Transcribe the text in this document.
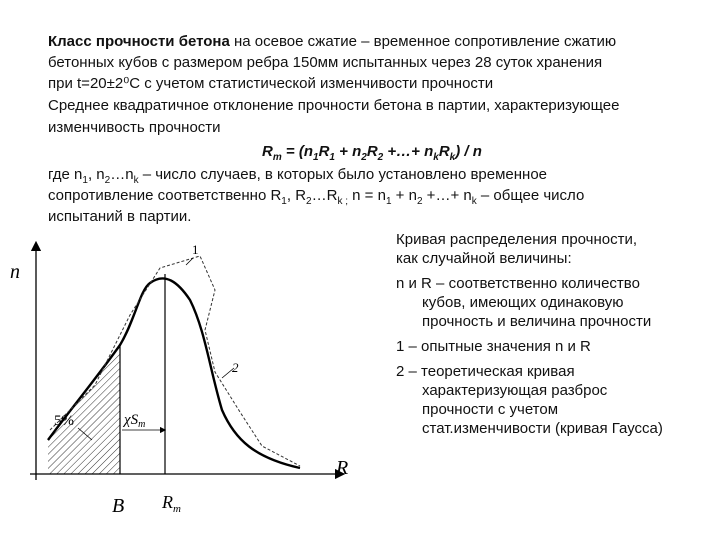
Класс прочности бетона на осевое сжатие – временное сопротивление сжатию
бетонных кубов с размером ребра 150мм испытанных через 28 суток хранения
при t=20±2⁰C с учетом статистической изменчивости прочности
Среднее квадратичное отклонение прочности бетона в партии, характеризующее
изменчивость прочности
$R_m = (n_1R_1 + n_2R_2$ +…+ $n_kR_k$) / n
где $n_1$, $n_2\dots n_k$ – число случаев, в которых было установлено временное
сопротивление соответственно $R_1$, $R_2\dots R_{k ;}$ $n = n_1 + n_2$ +…+ $n_k$ – общее число
испытаний в партии.
n
R
B $R_m$
1
2
5%	$\chi S_m$
Кривая распределения прочности,
как случайной величины:
n и R – соответственно количество
кубов, имеющих одинаковую
прочность и величина прочности
1 – опытные значения n и R
2 – теоретическая кривая
характеризующая разброс
прочности с учетом
стат.изменчивости (кривая Гаусса)
